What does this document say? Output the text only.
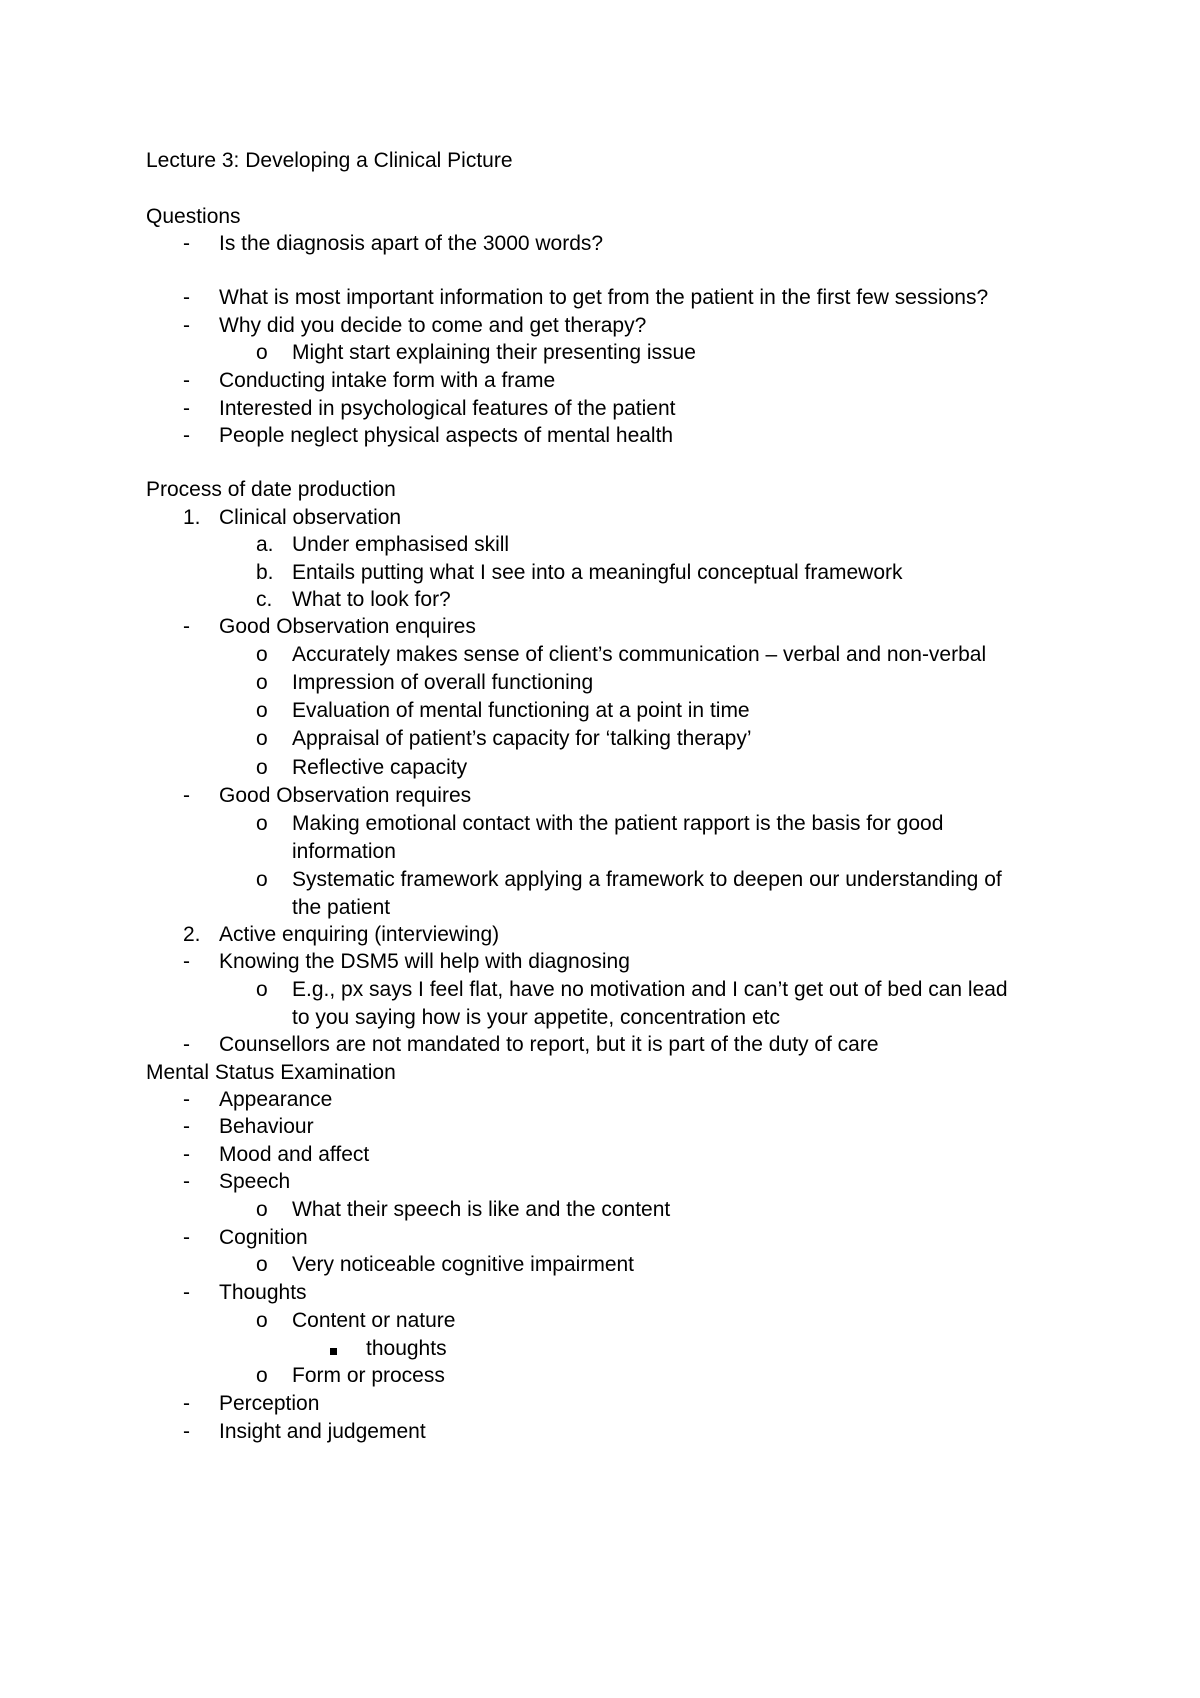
Lecture 3: Developing a Clinical Picture
Questions
-	Is the diagnosis apart of the 3000 words?
-	What is most important information to get from the patient in the first few sessions?
-	Why did you decide to come and get therapy?
o	Might start explaining their presenting issue
-	Conducting intake form with a frame
-	Interested in psychological features of the patient
-	People neglect physical aspects of mental health
Process of date production
1. Clinical observation
a. Under emphasised skill
b. Entails putting what I see into a meaningful conceptual framework
c. What to look for?
-	Good Observation enquires
o	Accurately makes sense of client’s communication – verbal and non-verbal
o	Impression of overall functioning
o	Evaluation of mental functioning at a point in time
o	Appraisal of patient’s capacity for ‘talking therapy’
o	Reflective capacity
-	Good Observation requires
o	Making emotional contact with the patient rapport is the basis for good
information
o	Systematic framework applying a framework to deepen our understanding of
the patient
2. Active enquiring (interviewing)
-	Knowing the DSM5 will help with diagnosing
o	E.g., px says I feel flat, have no motivation and I can’t get out of bed can lead
to you saying how is your appetite, concentration etc
-	Counsellors are not mandated to report, but it is part of the duty of care
Mental Status Examination
-	Appearance
-	Behaviour
-	Mood and affect
-	Speech
o	What their speech is like and the content
-	Cognition
o	Very noticeable cognitive impairment
-	Thoughts
o	Content or nature
thoughts
o	Form or process
-	Perception
-	Insight and judgement
